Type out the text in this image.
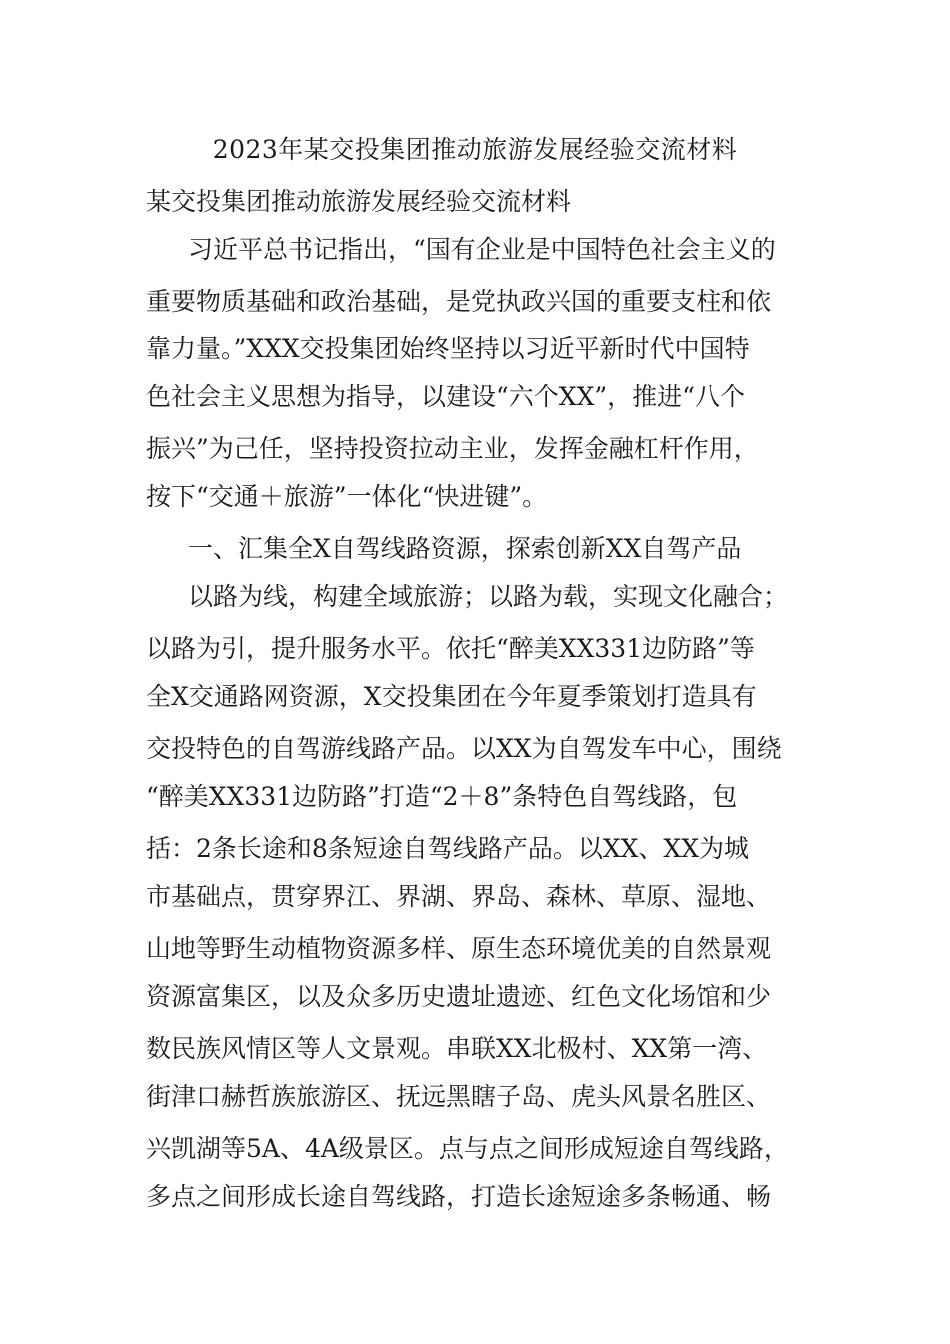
2023年某交投集团推动旅游发展经验交流材料
某交投集团推动旅游发展经验交流材料
习近平总书记指出，“国有企业是中国特色社会主义的
重要物质基础和政治基础，是党执政兴国的重要支柱和依
靠力量。”XXX交投集团始终坚持以习近平新时代中国特
色社会主义思想为指导，以建设“六个XX”，推进“八个
振兴”为己任，坚持投资拉动主业，发挥金融杠杆作用，
按下“交通＋旅游”一体化“快进键”。
一、汇集全X自驾线路资源，探索创新XX自驾产品
以路为线，构建全域旅游；以路为载，实现文化融合；
以路为引，提升服务水平。依托“醉美XX331边防路”等
全X交通路网资源，X交投集团在今年夏季策划打造具有
交投特色的自驾游线路产品。以XX为自驾发车中心，围绕
“醉美XX331边防路”打造“2＋8”条特色自驾线路，包
括：2条长途和8条短途自驾线路产品。以XX、XX为城
市基础点，贯穿界江、界湖、界岛、森林、草原、湿地、
山地等野生动植物资源多样、原生态环境优美的自然景观
资源富集区，以及众多历史遗址遗迹、红色文化场馆和少
数民族风情区等人文景观。串联XX北极村、XX第一湾、
街津口赫哲族旅游区、抚远黑瞎子岛、虎头风景名胜区、
兴凯湖等5A、4A级景区。点与点之间形成短途自驾线路，
多点之间形成长途自驾线路，打造长途短途多条畅通、畅
